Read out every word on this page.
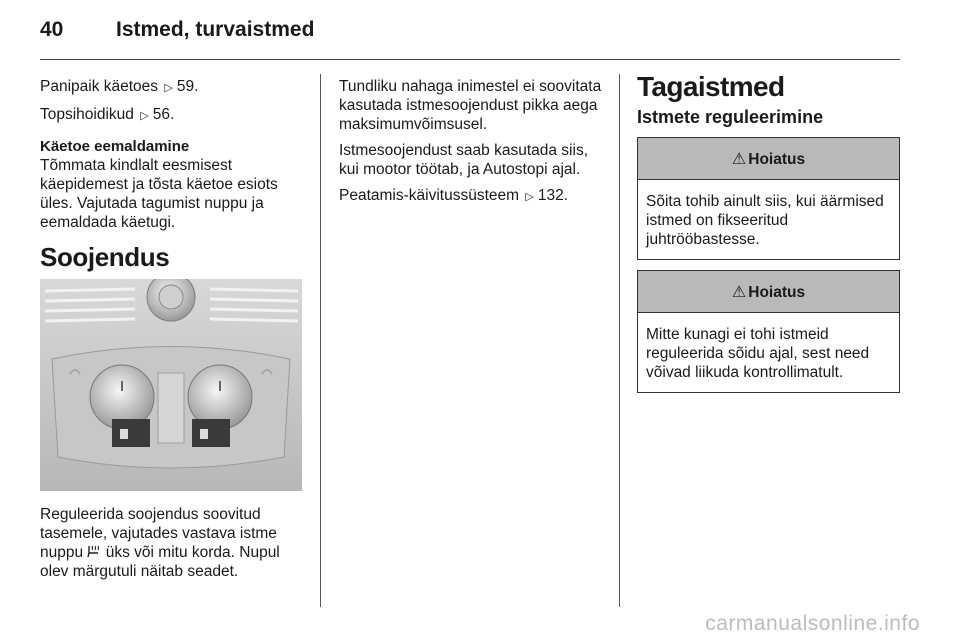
40	Istmed, turvaistmed

Panipaik käetoes ▷ 59.

Topsihoidikud ▷ 56.

Käetoe eemaldamine

Tõmmata kindlalt eesmisest käepidemest ja tõsta käetoe esiots üles. Vajutada tagumist nuppu ja eemaldada käetugi.

Soojendus

Reguleerida soojendus soovitud tasemele, vajutades vastava istme nuppu üks või mitu korda. Nupul olev märgutuli näitab seadet.

Tundliku nahaga inimestel ei soovitata kasutada istmesoojendust pikka aega maksimumvõimsusel.

Istmesoojendust saab kasutada siis, kui mootor töötab, ja Autostopi ajal.

Peatamis-käivitussüsteem ▷ 132.

Tagaistmed
Istmete reguleerimine
⚠ Hoiatus
Sõita tohib ainult siis, kui äärmised istmed on fikseeritud juhtrööbastesse.
⚠ Hoiatus
Mitte kunagi ei tohi istmeid reguleerida sõidu ajal, sest need võivad liikuda kontrollimatult.
carmanualsonline.info
